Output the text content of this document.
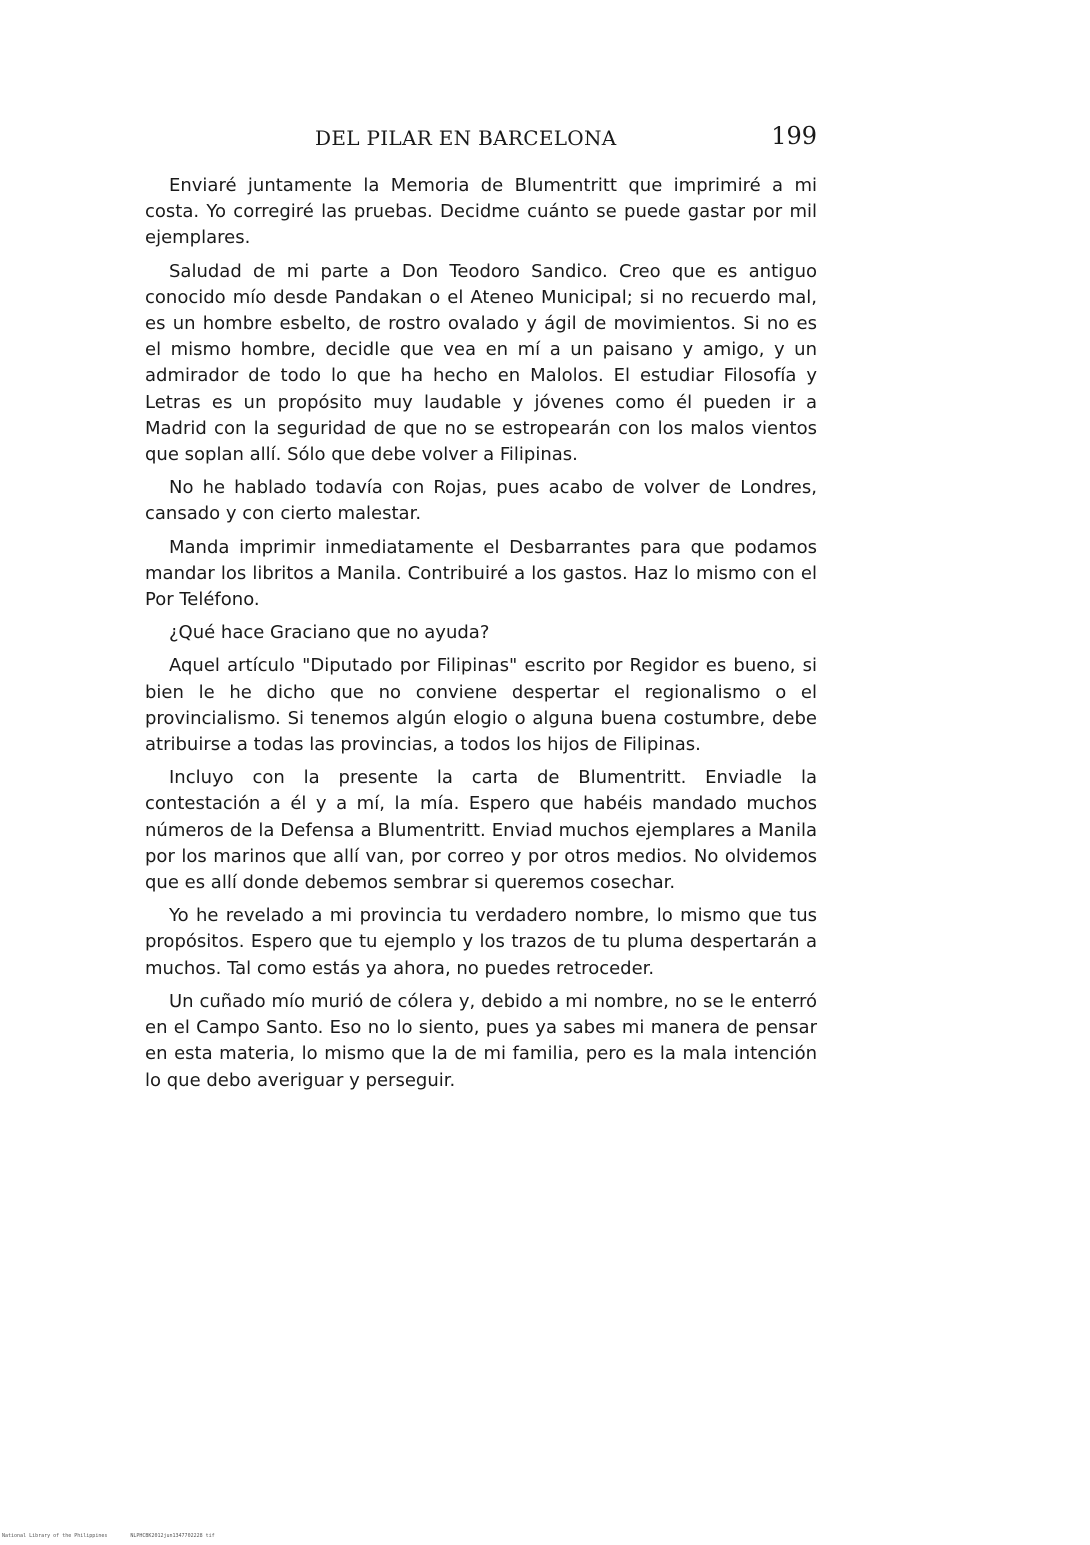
DEL PILAR EN BARCELONA	199

Enviaré juntamente la Memoria de Blumentritt que imprimiré a mi costa. Yo corregiré las pruebas. Decidme cuánto se puede gastar por mil ejemplares.

Saludad de mi parte a Don Teodoro Sandico. Creo que es antiguo conocido mío desde Pandakan o el Ateneo Municipal; si no recuerdo mal, es un hombre esbelto, de rostro ovalado y ágil de movimientos. Si no es el mismo hombre, decidle que vea en mí a un paisano y amigo, y un admirador de todo lo que ha hecho en Malolos. El estudiar Filosofía y Letras es un propósito muy laudable y jóvenes como él pueden ir a Madrid con la seguridad de que no se estropearán con los malos vientos que soplan allí. Sólo que debe volver a Filipinas.

No he hablado todavía con Rojas, pues acabo de volver de Londres, cansado y con cierto malestar.

Manda imprimir inmediatamente el Desbarrantes para que podamos mandar los libritos a Manila. Contribuiré a los gastos. Haz lo mismo con el Por Teléfono.

¿Qué hace Graciano que no ayuda?

Aquel artículo "Diputado por Filipinas" escrito por Regidor es bueno, si bien le he dicho que no conviene despertar el regionalismo o el provincialismo. Si tenemos algún elogio o alguna buena costumbre, debe atribuirse a todas las provincias, a todos los hijos de Filipinas.

Incluyo con la presente la carta de Blumentritt. Enviadle la contestación a él y a mí, la mía. Espero que habéis mandado muchos números de la Defensa a Blumentritt. Enviad muchos ejemplares a Manila por los marinos que allí van, por correo y por otros medios. No olvidemos que es allí donde debemos sembrar si queremos cosechar.

Yo he revelado a mi provincia tu verdadero nombre, lo mismo que tus propósitos. Espero que tu ejemplo y los trazos de tu pluma despertarán a muchos. Tal como estás ya ahora, no puedes retroceder.

Un cuñado mío murió de cólera y, debido a mi nombre, no se le enterró en el Campo Santo. Eso no lo siento, pues ya sabes mi manera de pensar en esta materia, lo mismo que la de mi familia, pero es la mala intención lo que debo averiguar y perseguir.

National Library of the Philippines	NLPHCBK2012jun1347702228 tif
